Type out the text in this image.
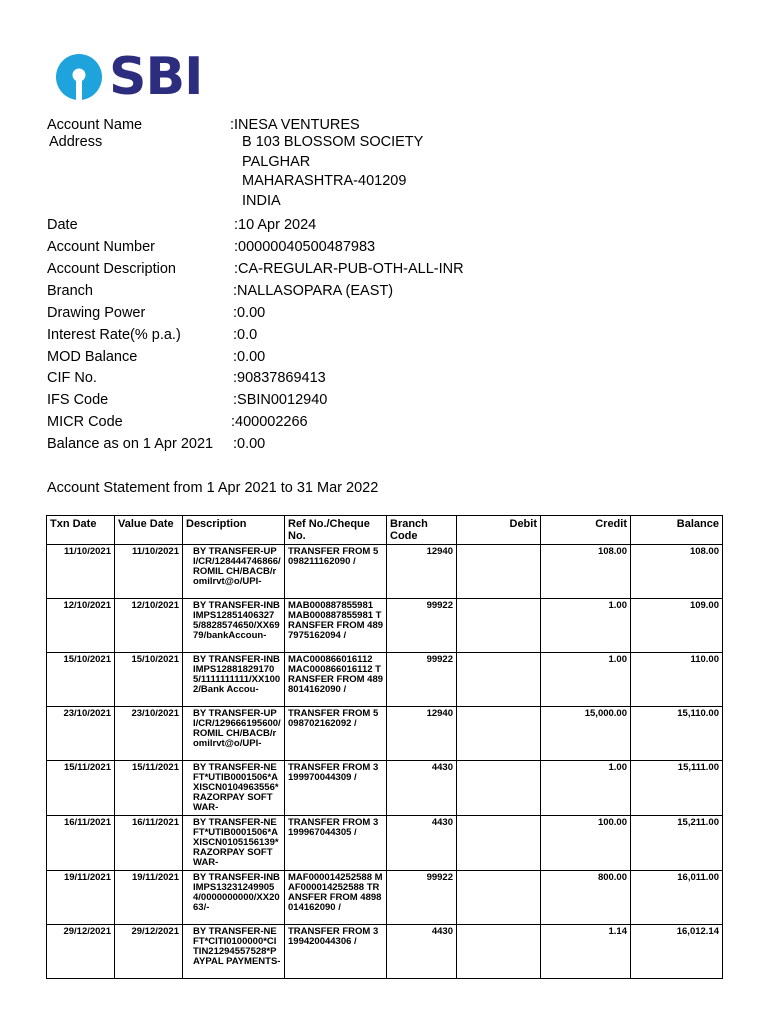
SBI
Account Name	:INESA VENTURES
Address	B 103 BLOSSOM SOCIETY
PALGHAR
MAHARASHTRA-401209
INDIA
Date	:10 Apr 2024
Account Number	:00000040500487983
Account Description	:CA-REGULAR-PUB-OTH-ALL-INR
Branch	:NALLASOPARA (EAST)
Drawing Power	:0.00
Interest Rate(% p.a.)	:0.0
MOD Balance	:0.00
CIF No.	:90837869413
IFS Code	:SBIN0012940
MICR Code	:400002266
Balance as on 1 Apr 2021 :0.00
Account Statement from 1 Apr 2021 to 31 Mar 2022
Txn Date	Value Date	Description	Ref No./Cheque No.	Branch Code	Debit	Credit	Balance
11/10/2021	11/10/2021	BY TRANSFER-UPI/CR/128444746866/ROMIL CH/BACB/romilrvt@o/UPI-	TRANSFER FROM 5098211162090 /	12940		108.00	108.00
12/10/2021	12/10/2021	BY TRANSFER-INB IMPS128514063275/8828574650/XX6979/bankAccoun-	MAB000887855981 MAB000887855981 TRANSFER FROM 4897975162094 /	99922		1.00	109.00
15/10/2021	15/10/2021	BY TRANSFER-INB IMPS128818291705/1111111111/XX1002/Bank Accou-	MAC000866016112 MAC000866016112 TRANSFER FROM 4898014162090 /	99922		1.00	110.00
23/10/2021	23/10/2021	BY TRANSFER-UPI/CR/129666195600/ROMIL CH/BACB/romilrvt@o/UPI-	TRANSFER FROM 5098702162092 /	12940		15,000.00	15,110.00
15/11/2021	15/11/2021	BY TRANSFER-NEFT*UTIB0001506*AXISCN0104963556*RAZORPAY SOFTWAR-	TRANSFER FROM 3199970044309 /	4430		1.00	15,111.00
16/11/2021	16/11/2021	BY TRANSFER-NEFT*UTIB0001506*AXISCN0105156139*RAZORPAY SOFTWAR-	TRANSFER FROM 3199967044305 /	4430		100.00	15,211.00
19/11/2021	19/11/2021	BY TRANSFER-INB IMPS132312499054/0000000000/XX2063/-	MAF000014252588 MAF000014252588 TRANSFER FROM 4898014162090 /	99922		800.00	16,011.00
29/12/2021	29/12/2021	BY TRANSFER-NEFT*CITI0100000*CITIN21294557528*PAYPAL PAYMENTS-	TRANSFER FROM 3199420044306 /	4430		1.14	16,012.14
